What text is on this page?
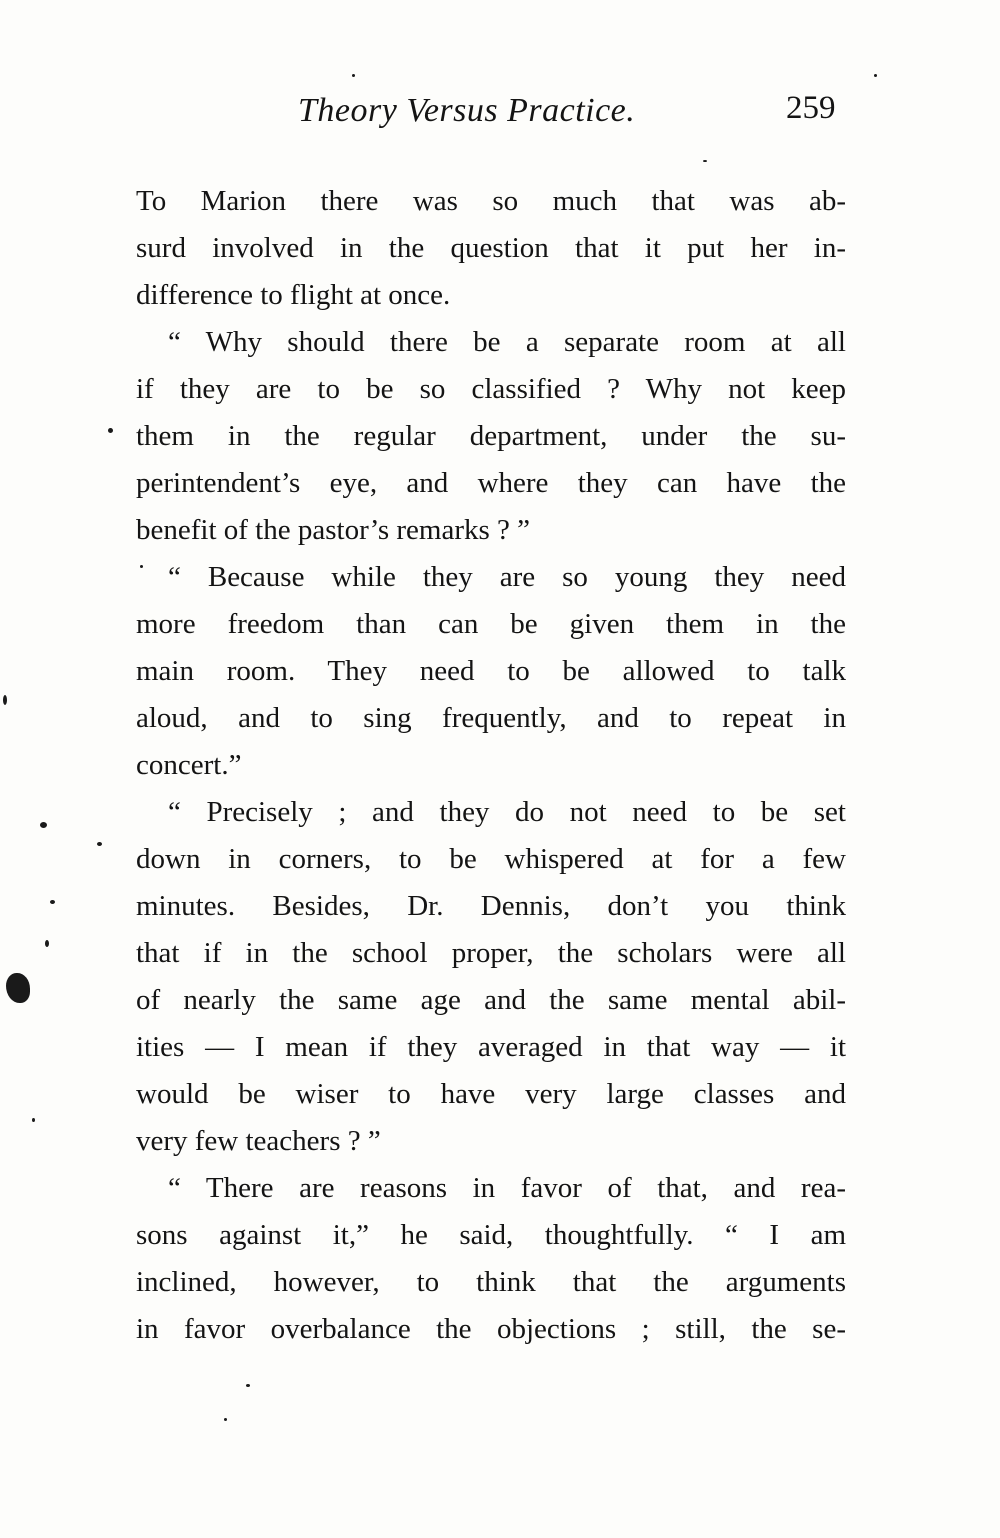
Theory Versus Practice.	259
To Marion there was so much that was ab-
surd involved in the question that it put her in-
difference to flight at once.
“ Why should there be a separate room at all
if they are to be so classified ? Why not keep
them in the regular department, under the su-
perintendent’s eye, and where they can have the
benefit of the pastor’s remarks ? ”
“ Because while they are so young they need
more freedom than can be given them in the
main room. They need to be allowed to talk
aloud, and to sing frequently, and to repeat in
concert.”
“ Precisely ; and they do not need to be set
down in corners, to be whispered at for a few
minutes. Besides, Dr. Dennis, don’t you think
that if in the school proper, the scholars were all
of nearly the same age and the same mental abil-
ities — I mean if they averaged in that way — it
would be wiser to have very large classes and
very few teachers ? ”
“ There are reasons in favor of that, and rea-
sons against it,” he said, thoughtfully. “ I am
inclined, however, to think that the arguments
in favor overbalance the objections ; still, the se-
